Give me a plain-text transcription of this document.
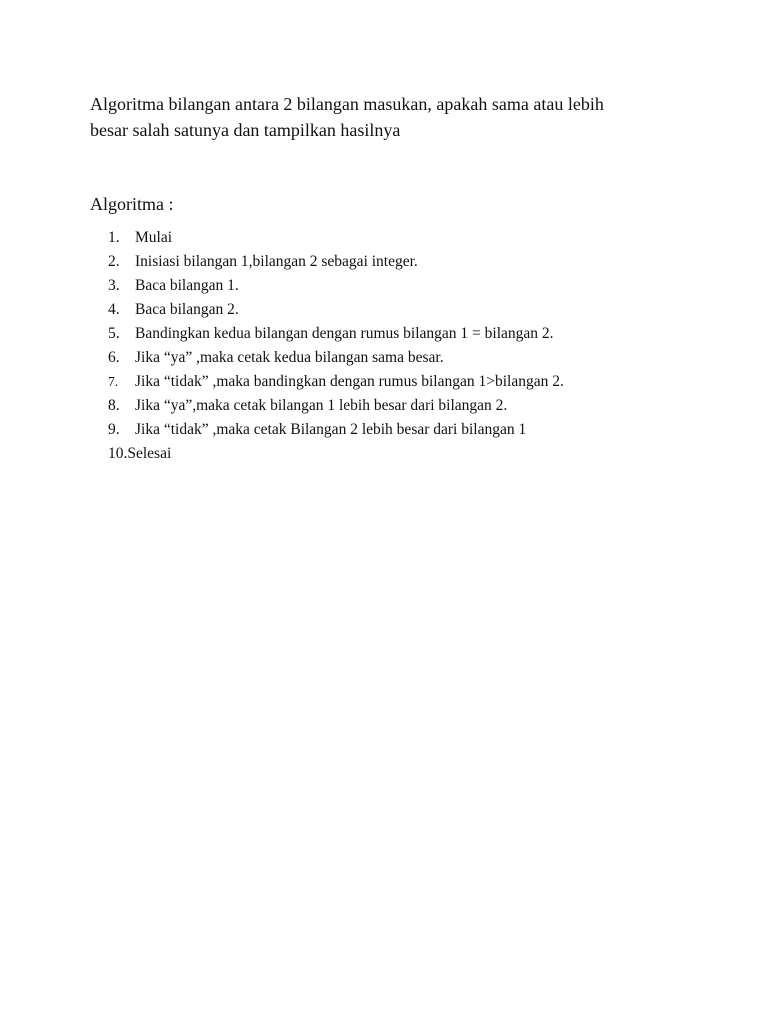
Algoritma bilangan antara 2 bilangan masukan, apakah sama atau lebih
besar salah satunya dan tampilkan hasilnya

Algoritma :

1. Mulai
2. Inisiasi bilangan 1,bilangan 2 sebagai integer.
3. Baca bilangan 1.
4. Baca bilangan 2.
5. Bandingkan kedua bilangan dengan rumus bilangan 1 = bilangan 2.
6. Jika “ya” ,maka cetak kedua bilangan sama besar.
7.	Jika “tidak” ,maka bandingkan dengan rumus bilangan 1>bilangan 2.
8. Jika “ya”,maka cetak bilangan 1 lebih besar dari bilangan 2.
9. Jika “tidak” ,maka cetak Bilangan 2 lebih besar dari bilangan 1
10. Selesai
